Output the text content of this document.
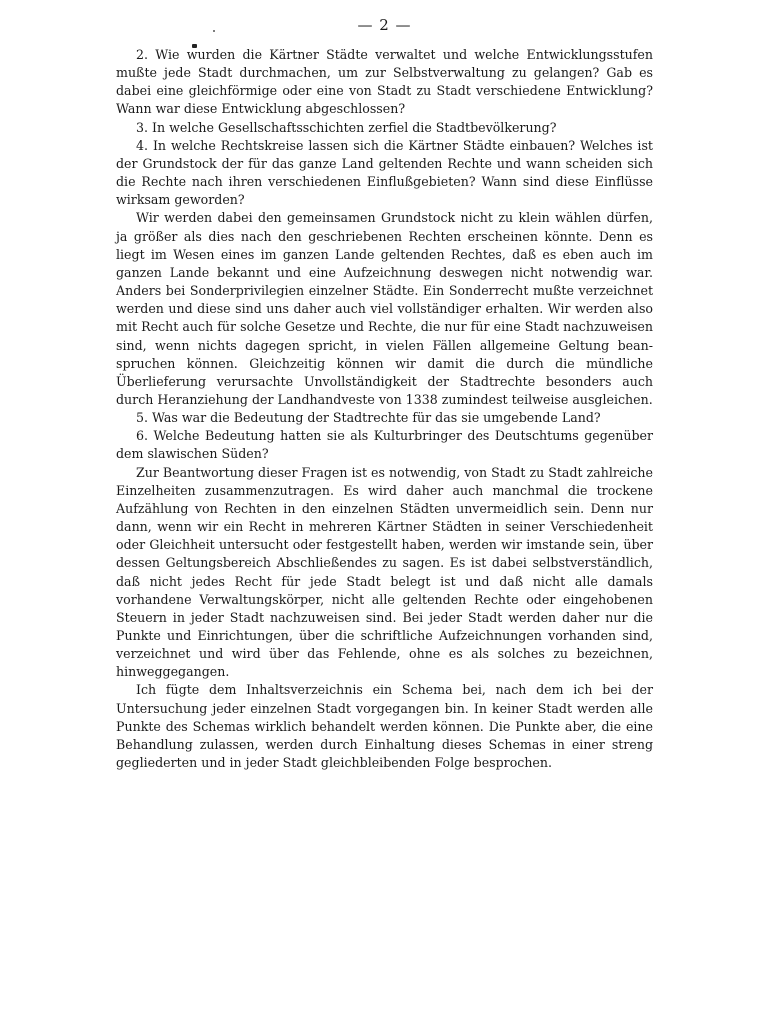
— 2 —

2. Wie wurden die Kärtner Städte verwaltet und welche Entwicklungsstufen mußte jede Stadt durchmachen, um zur Selbstverwaltung zu gelangen? Gab es dabei eine gleichförmige oder eine von Stadt zu Stadt verschiedene Entwicklung? Wann war diese Entwicklung abgeschlossen?

3. In welche Gesellschaftsschichten zerfiel die Stadtbevölkerung?

4. In welche Rechtskreise lassen sich die Kärtner Städte einbauen? Welches ist der Grundstock der für das ganze Land geltenden Rechte und wann scheiden sich die Rechte nach ihren verschiedenen Einflußgebieten? Wann sind diese Einflüsse wirksam geworden?

Wir werden dabei den gemeinsamen Grundstock nicht zu klein wählen dürfen, ja größer als dies nach den geschriebenen Rechten erscheinen könnte. Denn es liegt im Wesen eines im ganzen Lande geltenden Rechtes, daß es eben auch im ganzen Lande bekannt und eine Aufzeichnung deswegen nicht notwendig war. Anders bei Sonderprivilegien einzelner Städte. Ein Sonderrecht mußte verzeichnet werden und diese sind uns daher auch viel vollständiger erhalten. Wir werden also mit Recht auch für solche Gesetze und Rechte, die nur für eine Stadt nachzuweisen sind, wenn nichts dagegen spricht, in vielen Fällen allgemeine Geltung beanspruchen können. Gleichzeitig können wir damit die durch die mündliche Überlieferung verursachte Unvollständigkeit der Stadtrechte besonders auch durch Heranziehung der Landhandveste von 1338 zumindest teilweise ausgleichen.

5. Was war die Bedeutung der Stadtrechte für das sie umgebende Land?

6. Welche Bedeutung hatten sie als Kulturbringer des Deutschtums gegenüber dem slawischen Süden?

Zur Beantwortung dieser Fragen ist es notwendig, von Stadt zu Stadt zahlreiche Einzelheiten zusammenzutragen. Es wird daher auch manchmal die trockene Aufzählung von Rechten in den einzelnen Städten unvermeidlich sein. Denn nur dann, wenn wir ein Recht in mehreren Kärtner Städten in seiner Verschiedenheit oder Gleichheit untersucht oder festgestellt haben, werden wir imstande sein, über dessen Geltungsbereich Abschließendes zu sagen. Es ist dabei selbstverständlich, daß nicht jedes Recht für jede Stadt belegt ist und daß nicht alle damals vorhandene Verwaltungskörper, nicht alle geltenden Rechte oder eingehobenen Steuern in jeder Stadt nachzuweisen sind. Bei jeder Stadt werden daher nur die Punkte und Einrichtungen, über die schriftliche Aufzeichnungen vorhanden sind, verzeichnet und wird über das Fehlende, ohne es als solches zu bezeichnen, hinweggegangen.

Ich fügte dem Inhaltsverzeichnis ein Schema bei, nach dem ich bei der Untersuchung jeder einzelnen Stadt vorgegangen bin. In keiner Stadt werden alle Punkte des Schemas wirklich behandelt werden können. Die Punkte aber, die eine Behandlung zulassen, werden durch Einhaltung dieses Schemas in einer streng gegliederten und in jeder Stadt gleichbleibenden Folge besprochen.
